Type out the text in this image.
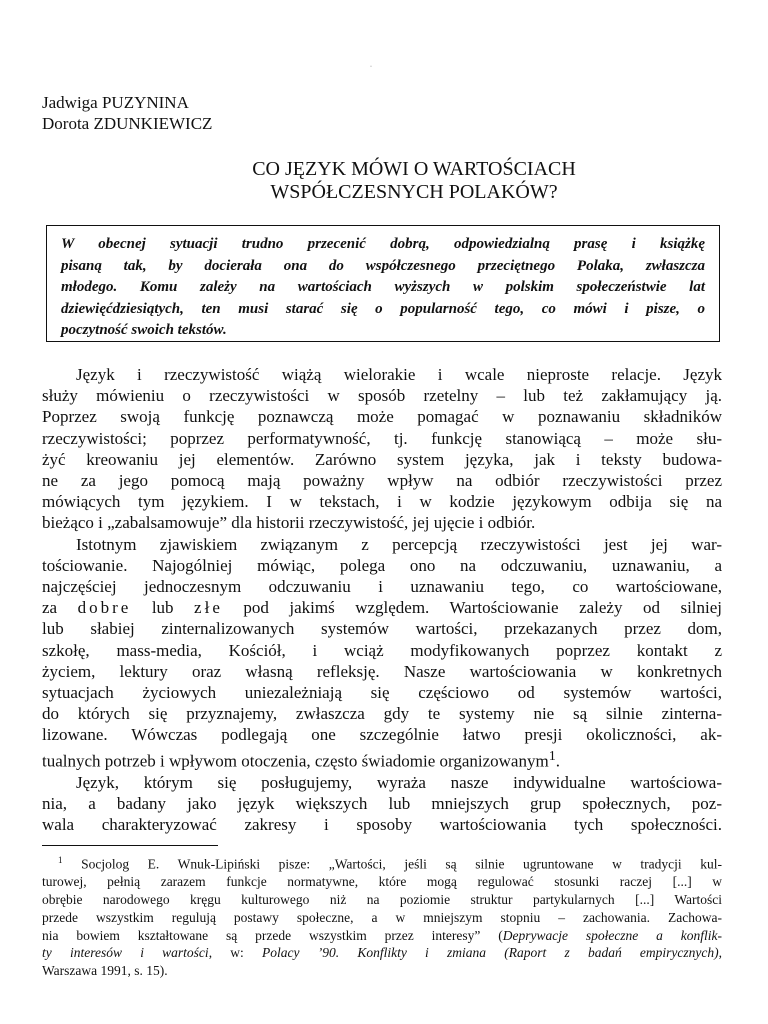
·
Jadwiga PUZYNINA
Dorota ZDUNKIEWICZ
CO JĘZYK MÓWI O WARTOŚCIACH
WSPÓŁCZESNYCH POLAKÓW?
W obecnej sytuacji trudno przecenić dobrą, odpowiedzialną prasę i książkę
pisaną tak, by docierała ona do współczesnego przeciętnego Polaka, zwłaszcza
młodego. Komu zależy na wartościach wyższych w polskim społeczeństwie lat
dziewięćdziesiątych, ten musi starać się o popularność tego, co mówi i pisze, o
poczytność swoich tekstów.
Język i rzeczywistość wiążą wielorakie i wcale nieproste relacje. Język
służy mówieniu o rzeczywistości w sposób rzetelny – lub też zakłamujący ją.
Poprzez swoją funkcję poznawczą może pomagać w poznawaniu składników
rzeczywistości; poprzez performatywność, tj. funkcję stanowiącą – może słu-
żyć kreowaniu jej elementów. Zarówno system języka, jak i teksty budowa-
ne za jego pomocą mają poważny wpływ na odbiór rzeczywistości przez
mówiących tym językiem. I w tekstach, i w kodzie językowym odbija się na
bieżąco i „zabalsamowuje” dla historii rzeczywistość, jej ujęcie i odbiór.
Istotnym zjawiskiem związanym z percepcją rzeczywistości jest jej war-
tościowanie. Najogólniej mówiąc, polega ono na odczuwaniu, uznawaniu, a
najczęściej jednoczesnym odczuwaniu i uznawaniu tego, co wartościowane,
za dobre lub złe pod jakimś względem. Wartościowanie zależy od silniej
lub słabiej zinternalizowanych systemów wartości, przekazanych przez dom,
szkołę, mass-media, Kościół, i wciąż modyfikowanych poprzez kontakt z
życiem, lektury oraz własną refleksję. Nasze wartościowania w konkretnych
sytuacjach życiowych uniezależniają się częściowo od systemów wartości,
do których się przyznajemy, zwłaszcza gdy te systemy nie są silnie zinterna-
lizowane. Wówczas podlegają one szczególnie łatwo presji okoliczności, ak-
tualnych potrzeb i wpływom otoczenia, często świadomie organizowanym$^1$.
Język, którym się posługujemy, wyraża nasze indywidualne wartościowa-
nia, a badany jako język większych lub mniejszych grup społecznych, poz-
wala charakteryzować zakresy i sposoby wartościowania tych społeczności.
$^1$ Socjolog E. Wnuk-Lipiński pisze: „Wartości, jeśli są silnie ugruntowane w tradycji kul-
turowej, pełnią zarazem funkcje normatywne, które mogą regulować stosunki raczej [...] w
obrębie narodowego kręgu kulturowego niż na poziomie struktur partykularnych [...] Wartości
przede wszystkim regulują postawy społeczne, a w mniejszym stopniu – zachowania. Zachowa-
nia bowiem kształtowane są przede wszystkim przez interesy” (Deprywacje społeczne a konflik-
ty interesów i wartości, w: Polacy ’90. Konflikty i zmiana (Raport z badań empirycznych),
Warszawa 1991, s. 15).
